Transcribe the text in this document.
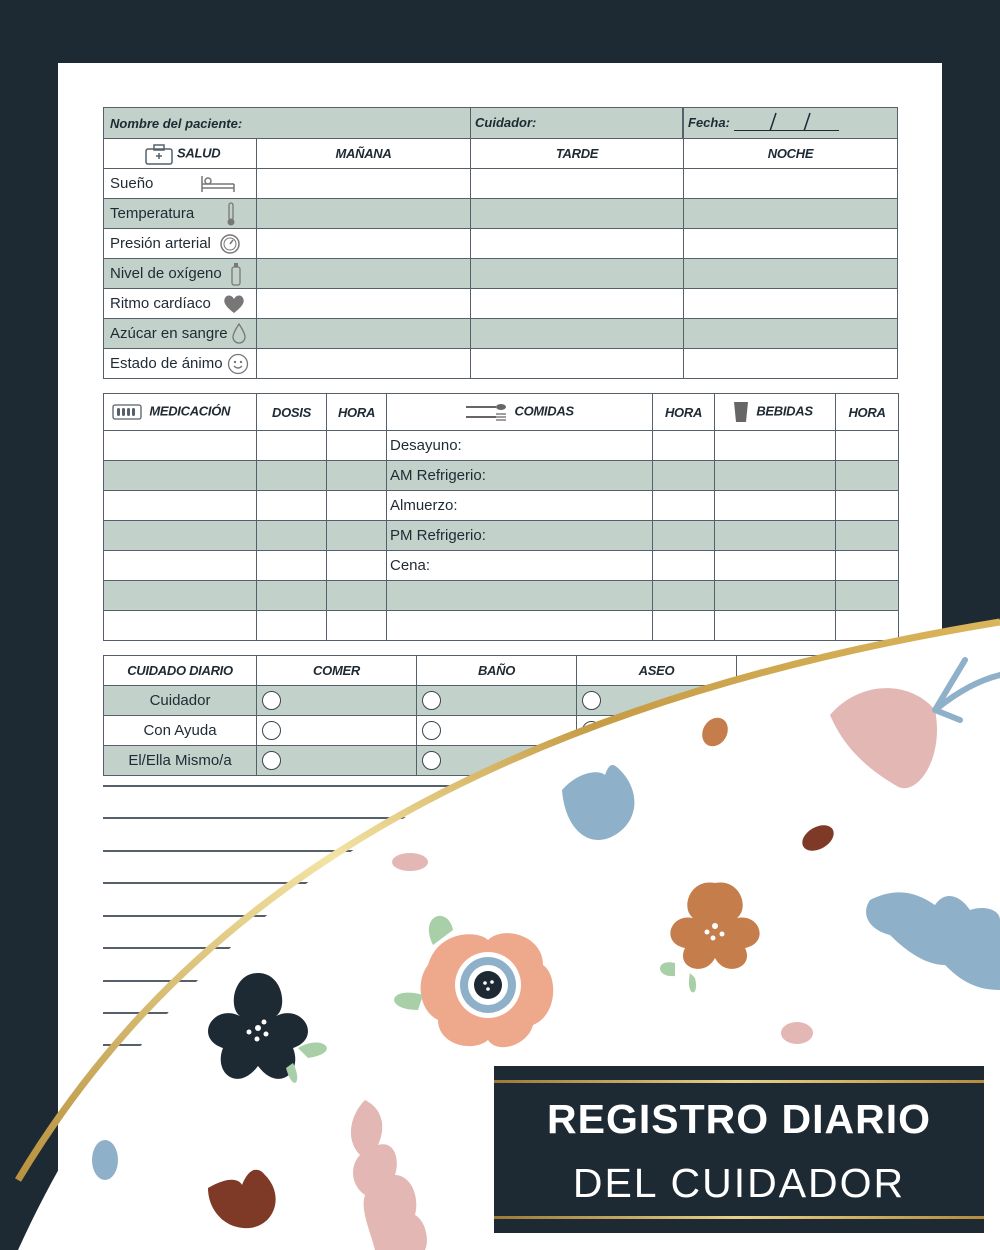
Nombre del paciente:		Cuidador:	Fecha:

SALUD	MAÑANA	TARDE	NOCHE
Sueño			
Temperatura			
Presión arterial			
Nivel de oxígeno			
Ritmo cardíaco			
Azúcar en sangre			
Estado de ánimo			
MEDICACIÓN	DOSIS	HORA	COMIDAS	HORA	BEBIDAS	HORA
			Desayuno:			
			AM Refrigerio:			
			Almuerzo:			
			PM Refrigerio:			
			Cena:			

CUIDADO DIARIO	COMER	BAÑO	ASEO	
Cuidador				
Con Ayuda				
El/Ella Mismo/a				
REGISTRO DIARIO
DEL CUIDADOR
